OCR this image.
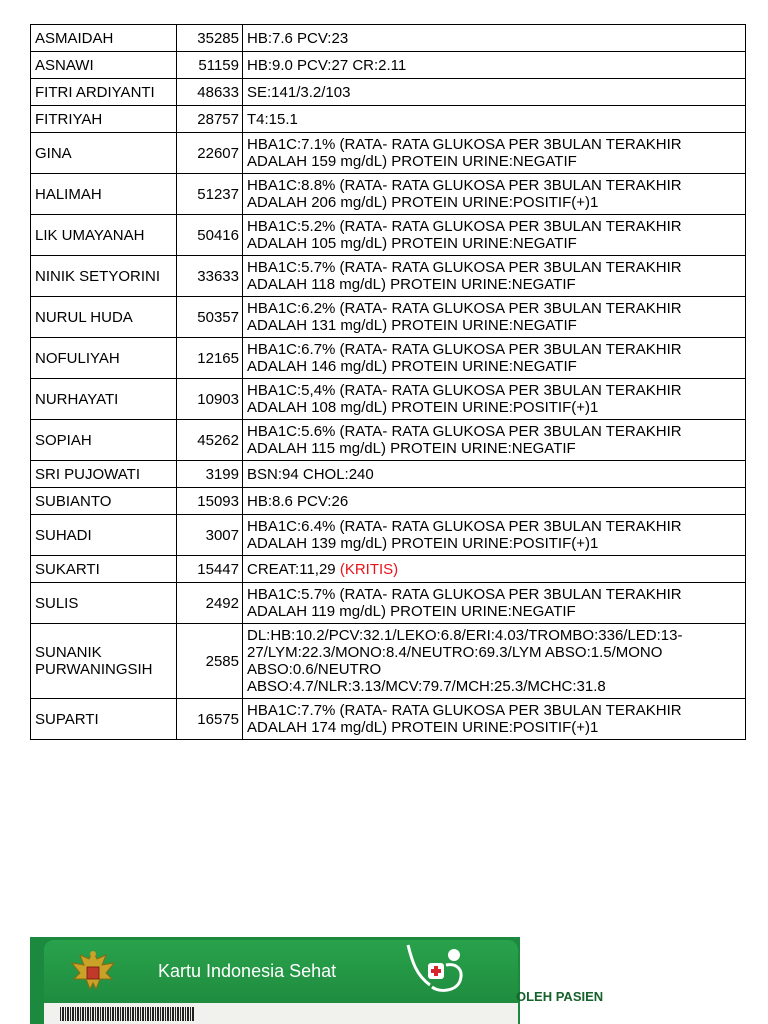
ASMAIDAH	35285	HB:7.6 PCV:23
ASNAWI	51159	HB:9.0 PCV:27 CR:2.11
FITRI ARDIYANTI	48633	SE:141/3.2/103
FITRIYAH	28757	T4:15.1
GINA	22607	HBA1C:7.1% (RATA- RATA GLUKOSA PER 3BULAN TERAKHIR
ADALAH 159 mg/dL) PROTEIN URINE:NEGATIF
HALIMAH	51237	HBA1C:8.8% (RATA- RATA GLUKOSA PER 3BULAN TERAKHIR
ADALAH 206 mg/dL) PROTEIN URINE:POSITIF(+)1
LIK UMAYANAH	50416	HBA1C:5.2% (RATA- RATA GLUKOSA PER 3BULAN TERAKHIR
ADALAH 105 mg/dL) PROTEIN URINE:NEGATIF
NINIK SETYORINI	33633	HBA1C:5.7% (RATA- RATA GLUKOSA PER 3BULAN TERAKHIR
ADALAH 118 mg/dL) PROTEIN URINE:NEGATIF
NURUL HUDA	50357	HBA1C:6.2% (RATA- RATA GLUKOSA PER 3BULAN TERAKHIR
ADALAH 131 mg/dL) PROTEIN URINE:NEGATIF
NOFULIYAH	12165	HBA1C:6.7% (RATA- RATA GLUKOSA PER 3BULAN TERAKHIR
ADALAH 146 mg/dL) PROTEIN URINE:NEGATIF
NURHAYATI	10903	HBA1C:5,4% (RATA- RATA GLUKOSA PER 3BULAN TERAKHIR
ADALAH 108 mg/dL) PROTEIN URINE:POSITIF(+)1
SOPIAH	45262	HBA1C:5.6% (RATA- RATA GLUKOSA PER 3BULAN TERAKHIR
ADALAH 115 mg/dL) PROTEIN URINE:NEGATIF
SRI PUJOWATI	3199	BSN:94 CHOL:240
SUBIANTO	15093	HB:8.6 PCV:26
SUHADI	3007	HBA1C:6.4% (RATA- RATA GLUKOSA PER 3BULAN TERAKHIR
ADALAH 139 mg/dL) PROTEIN URINE:POSITIF(+)1
SUKARTI	15447	CREAT:11,29 (KRITIS)
SULIS	2492	HBA1C:5.7% (RATA- RATA GLUKOSA PER 3BULAN TERAKHIR
ADALAH 119 mg/dL) PROTEIN URINE:NEGATIF
SUNANIK PURWANINGSIH	2585	DL:HB:10.2/PCV:32.1/LEKO:6.8/ERI:4.03/TROMBO:336/LED:13-
27/LYM:22.3/MONO:8.4/NEUTRO:69.3/LYM ABSO:1.5/MONO
ABSO:0.6/NEUTRO
ABSO:4.7/NLR:3.13/MCV:79.7/MCH:25.3/MCHC:31.8
SUPARTI	16575	HBA1C:7.7% (RATA- RATA GLUKOSA PER 3BULAN TERAKHIR
ADALAH 174 mg/dL) PROTEIN URINE:POSITIF(+)1
Kartu Indonesia Sehat
OLEH PASIEN
